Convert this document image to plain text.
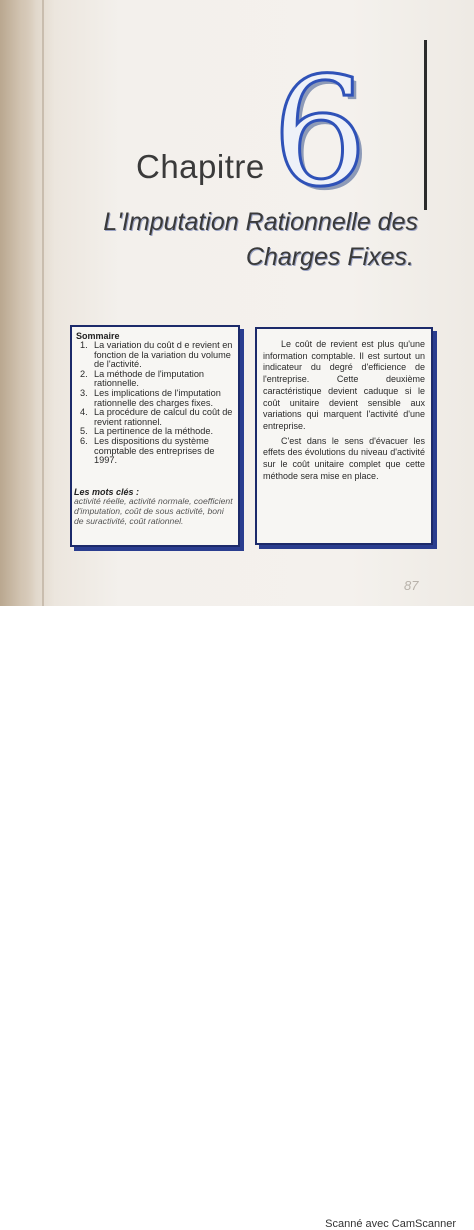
6
Chapitre
L'Imputation Rationnelle des
Charges Fixes.
Sommaire
1. La variation du coût d e revient en fonction de la variation du volume de l'activité.
2. La méthode de l'imputation rationnelle.
3. Les implications de l'imputation rationnelle des charges fixes.
4. La procédure de calcul du coût de revient rationnel.
5. La pertinence de la méthode.
6. Les dispositions du système comptable des entreprises de 1997.
Les mots clés :
activité réelle, activité normale, coefficient d'imputation, coût de sous activité, boni de suractivité, coût rationnel.

Le coût de revient est plus qu'une information comptable. Il est surtout un indicateur du degré d'efficience de l'entreprise. Cette deuxième caractéristique devient caduque si le coût unitaire devient sensible aux variations qui marquent l'activité d'une entreprise.

C'est dans le sens d'évacuer les effets des évolutions du niveau d'activité sur le coût unitaire complet que cette méthode sera mise en place.

87
Scanné avec CamScanner
